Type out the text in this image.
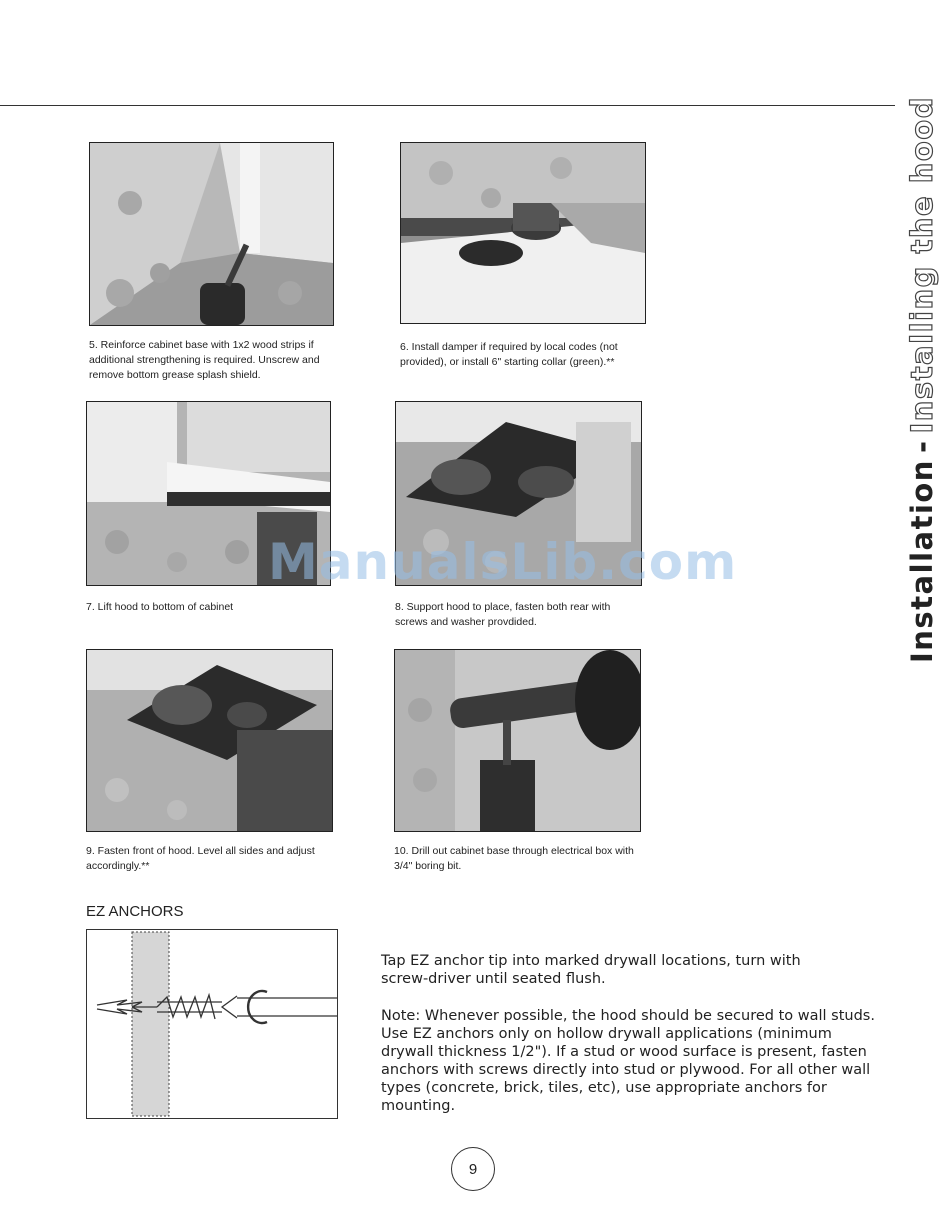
5. Reinforce cabinet base with 1x2 wood strips if additional strengthening is required. Unscrew and remove bottom grease splash shield.
6. Install damper if required by local codes (not provided), or install 6" starting collar (green).**
7. Lift hood to bottom of cabinet	8. Support hood to place, fasten both rear with screws and washer provdided.
9. Fasten front of hood. Level all sides and adjust accordingly.**
10. Drill out cabinet base through electrical box with 3/4" boring bit.
Installation-Installing the hood
ManualsLib.com
EZ ANCHORS
Tap EZ anchor tip into marked drywall locations, turn with screw-driver until seated flush.
Note: Whenever possible, the hood should be secured to wall studs. Use EZ anchors only on hollow drywall applications (minimum drywall thickness 1/2"). If a stud or wood surface is present, fasten anchors with screws directly into stud or plywood. For all other wall types (concrete, brick, tiles, etc), use appropriate anchors for mounting.
9
